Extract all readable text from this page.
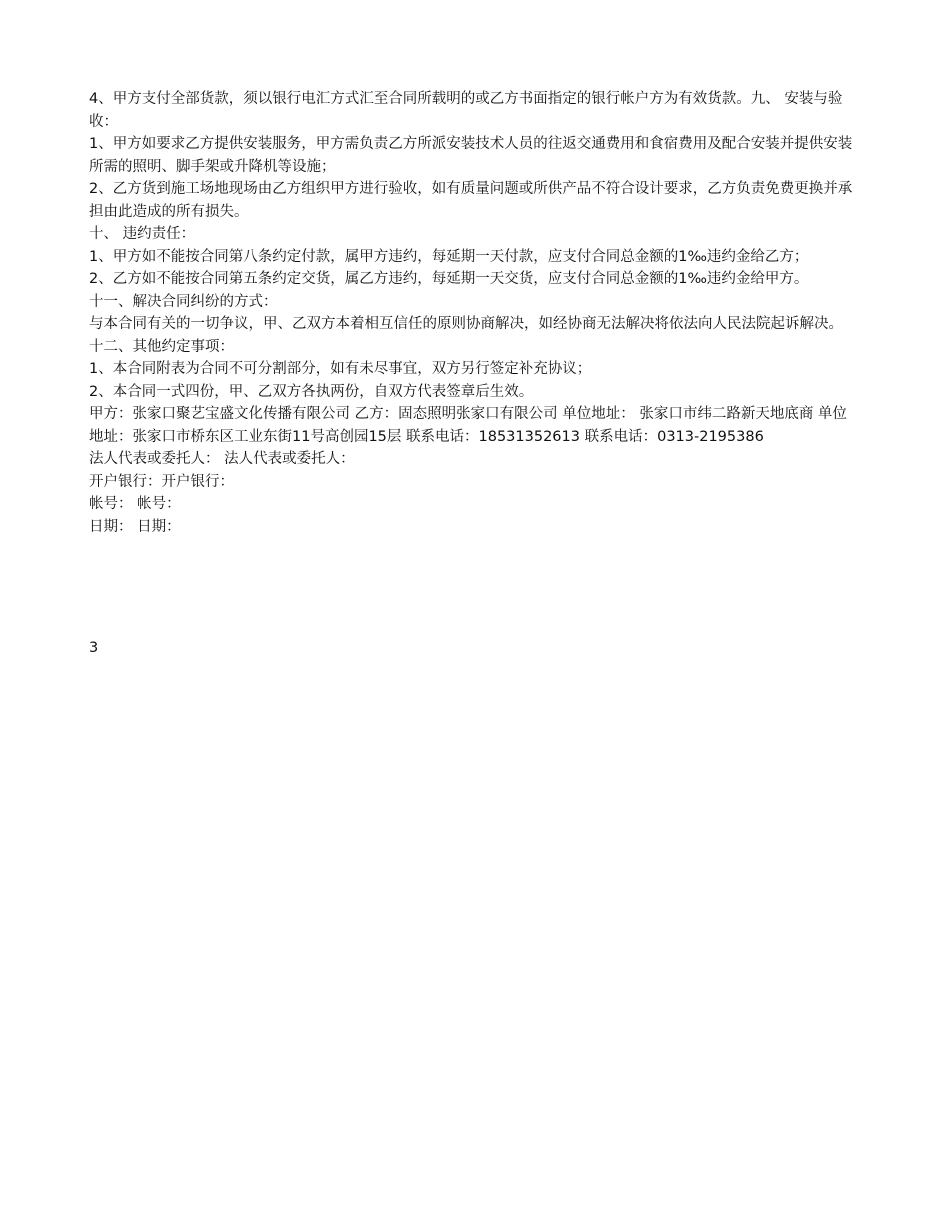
4、甲方支付全部货款，须以银行电汇方式汇至合同所载明的或乙方书面指定的银行帐户方为有效货款。九、 安装与验收：

1、甲方如要求乙方提供安装服务，甲方需负责乙方所派安装技术人员的往返交通费用和食宿费用及配合安装并提供安装所需的照明、脚手架或升降机等设施；

2、乙方货到施工场地现场由乙方组织甲方进行验收，如有质量问题或所供产品不符合设计要求，乙方负责免费更换并承担由此造成的所有损失。

十、 违约责任：

1、甲方如不能按合同第八条约定付款，属甲方违约，每延期一天付款，应支付合同总金额的1‰违约金给乙方；

2、乙方如不能按合同第五条约定交货，属乙方违约，每延期一天交货，应支付合同总金额的1‰违约金给甲方。

十一、解决合同纠纷的方式：

与本合同有关的一切争议，甲、乙双方本着相互信任的原则协商解决，如经协商无法解决将依法向人民法院起诉解决。

十二、其他约定事项：

1、本合同附表为合同不可分割部分，如有未尽事宜，双方另行签定补充协议；

2、本合同一式四份，甲、乙双方各执两份，自双方代表签章后生效。

甲方：张家口聚艺宝盛文化传播有限公司 乙方：固态照明张家口有限公司 单位地址： 张家口市纬二路新天地底商 单位地址：张家口市桥东区工业东街11号高创园15层 联系电话：18531352613 联系电话：0313-2195386

法人代表或委托人： 法人代表或委托人：

开户银行：开户银行：

帐号： 帐号：

日期： 日期：

3
